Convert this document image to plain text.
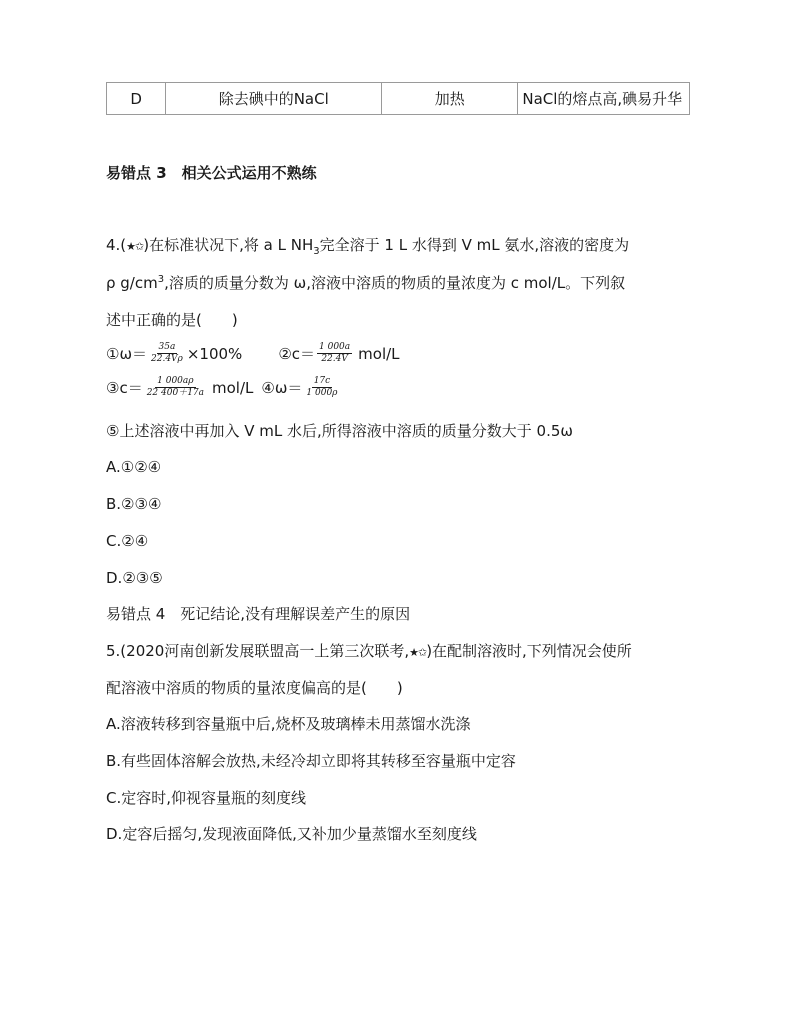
D	除去碘中的NaCl	加热	NaCl的熔点高,碘易升华
易错点 3　相关公式运用不熟练
4.(★✩)在标准状况下,将 a L $NH_3$完全溶于 1 L 水得到 V mL 氨水,溶液的密度为
ρ $g/cm^3$,溶质的质量分数为 ω,溶液中溶质的物质的量浓度为 c mol/L。下列叙
述中正确的是(　　)
①ω＝ $\frac{35a}{22.4V\rho} \times 100\%$ ②c＝ $\frac{1 000a}{22.4V} mol/L$
③c＝ $\frac{1 000a\rho}{22 400+17a} mol/L$ ④ω＝ $\frac{17c}{1 000\rho}$
⑤上述溶液中再加入 V mL 水后,所得溶液中溶质的质量分数大于 0.5ω
A.①②④
B.②③④
C.②④
D.②③⑤
易错点 4　死记结论,没有理解误差产生的原因
5.(2020河南创新发展联盟高一上第三次联考,★✩)在配制溶液时,下列情况会使所
配溶液中溶质的物质的量浓度偏高的是(　　)
A.溶液转移到容量瓶中后,烧杯及玻璃棒未用蒸馏水洗涤
B.有些固体溶解会放热,未经冷却立即将其转移至容量瓶中定容
C.定容时,仰视容量瓶的刻度线
D.定容后摇匀,发现液面降低,又补加少量蒸馏水至刻度线
